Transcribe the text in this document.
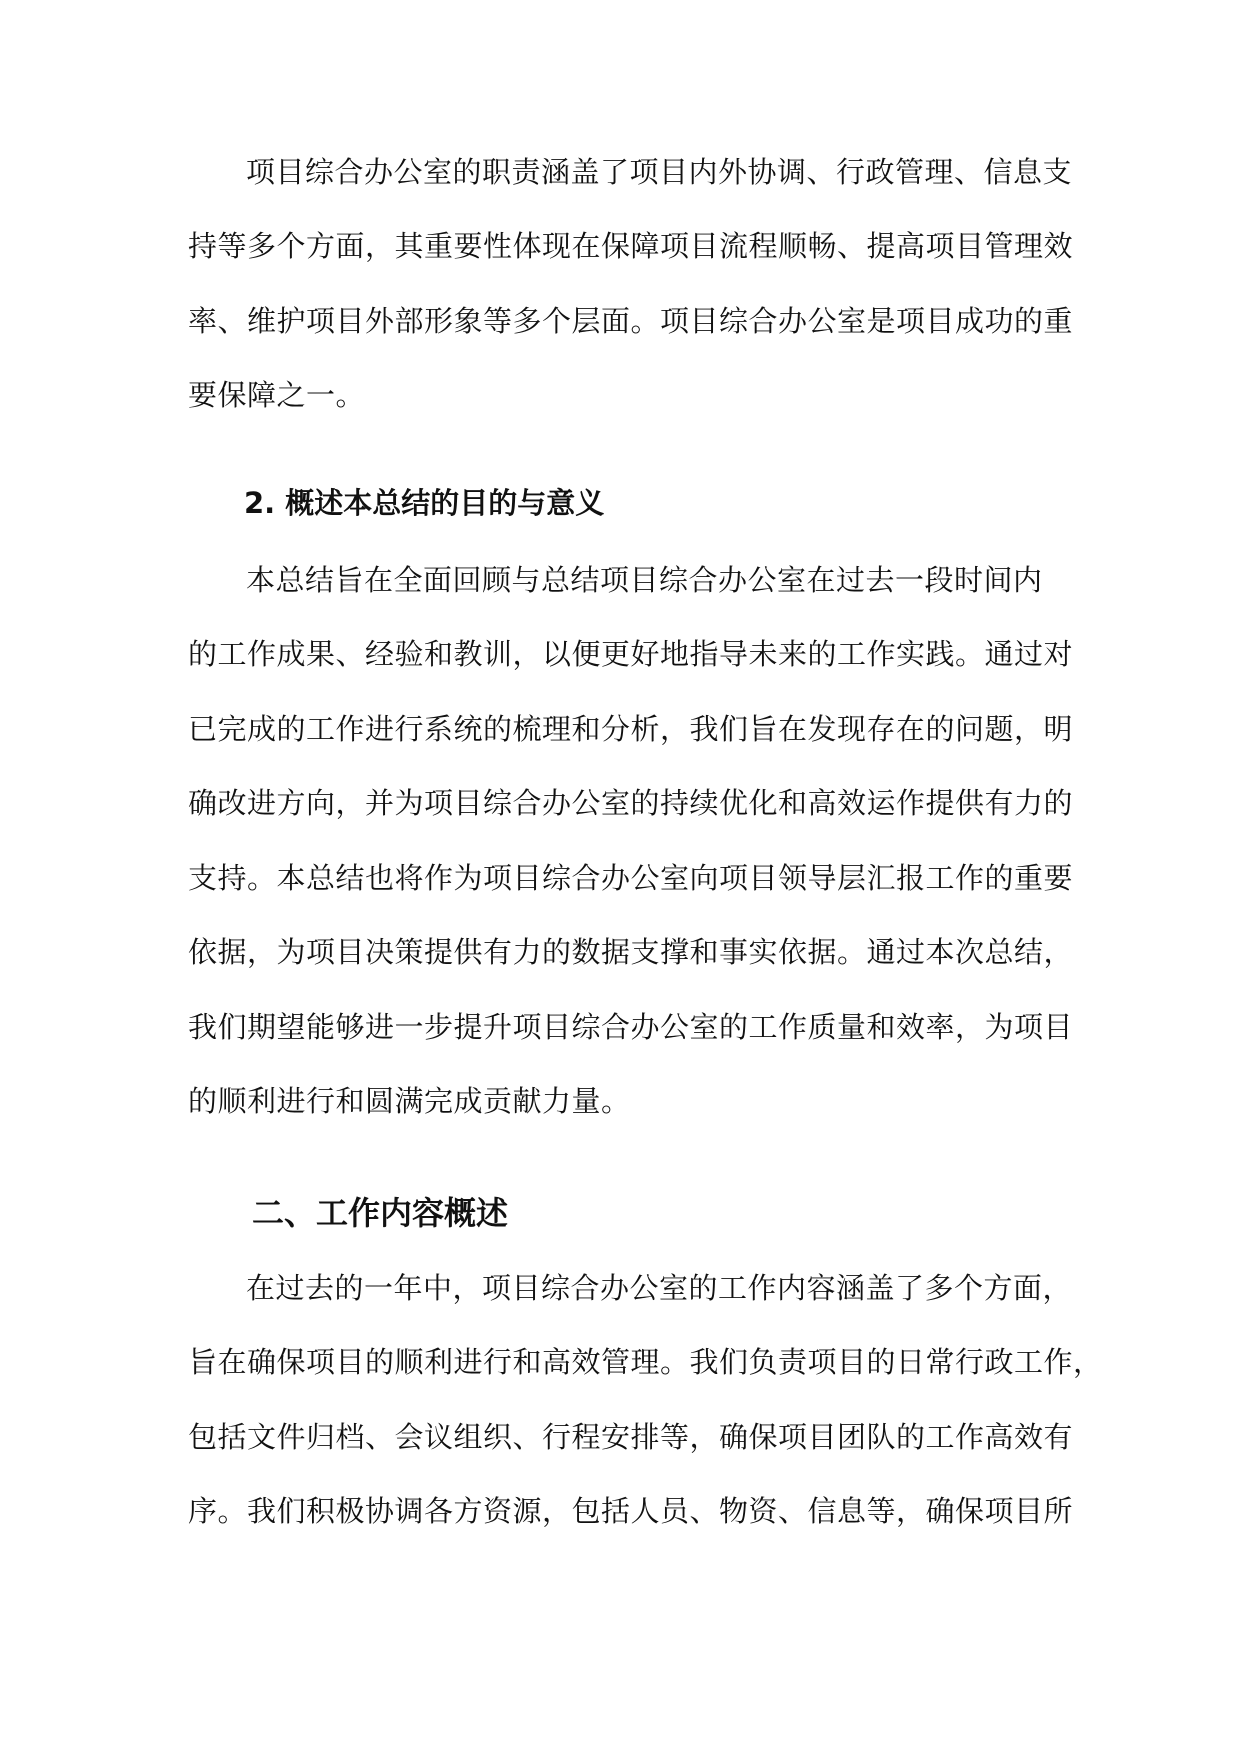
项目综合办公室的职责涵盖了项目内外协调、行政管理、信息支
持等多个方面，其重要性体现在保障项目流程顺畅、提高项目管理效
率、维护项目外部形象等多个层面。项目综合办公室是项目成功的重
要保障之一。
2. 概述本总结的目的与意义
本总结旨在全面回顾与总结项目综合办公室在过去一段时间内
的工作成果、经验和教训，以便更好地指导未来的工作实践。通过对
已完成的工作进行系统的梳理和分析，我们旨在发现存在的问题，明
确改进方向，并为项目综合办公室的持续优化和高效运作提供有力的
支持。本总结也将作为项目综合办公室向项目领导层汇报工作的重要
依据，为项目决策提供有力的数据支撑和事实依据。通过本次总结，
我们期望能够进一步提升项目综合办公室的工作质量和效率，为项目
的顺利进行和圆满完成贡献力量。
二、工作内容概述
在过去的一年中，项目综合办公室的工作内容涵盖了多个方面，
旨在确保项目的顺利进行和高效管理。我们负责项目的日常行政工作，
包括文件归档、会议组织、行程安排等，确保项目团队的工作高效有
序。我们积极协调各方资源，包括人员、物资、信息等，确保项目所
